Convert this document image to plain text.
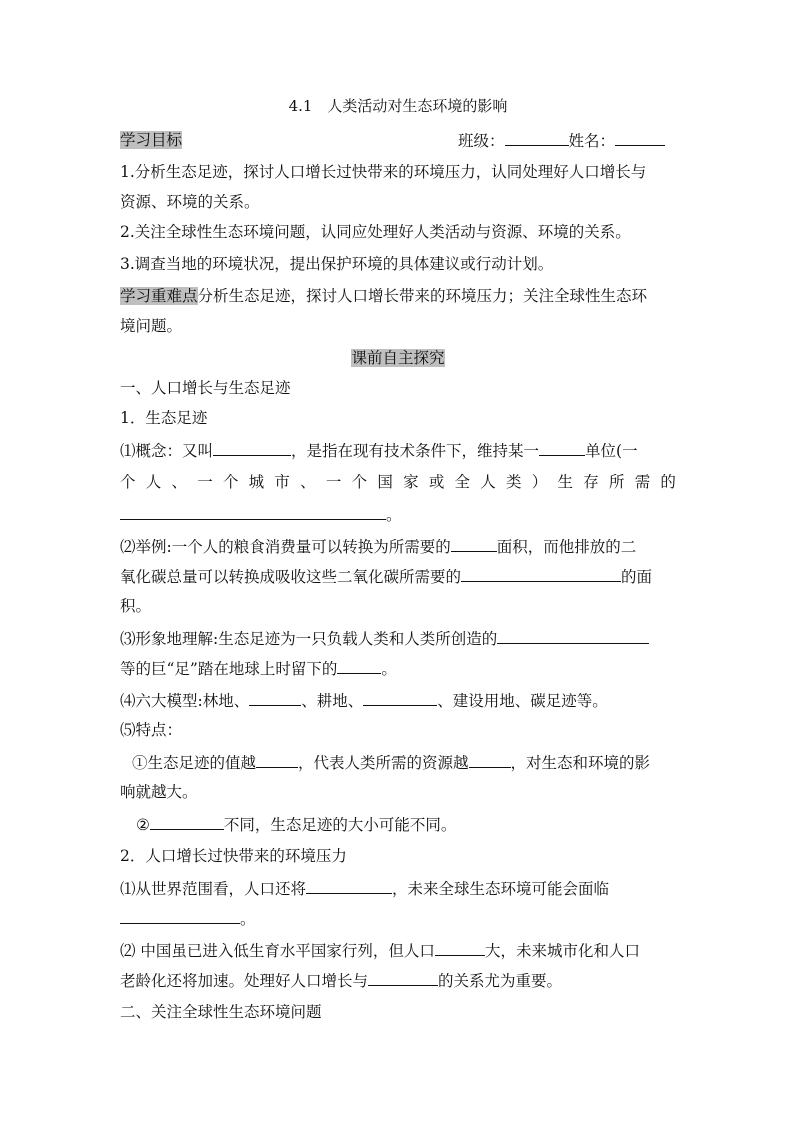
4.1　人类活动对生态环境的影响
学习目标	班级：	姓名：
1.分析生态足迹，探讨人口增长过快带来的环境压力，认同处理好人口增长与
资源、环境的关系。
2.关注全球性生态环境问题，认同应处理好人类活动与资源、环境的关系。
3.调查当地的环境状况，提出保护环境的具体建议或行动计划。
学习重难点分析生态足迹，探讨人口增长带来的环境压力；关注全球性生态环
境问题。
课前自主探究
一、人口增长与生态足迹
1．生态足迹
⑴概念：又叫	，是指在现有技术条件下，维持某一	单位(一
个 人 、 一 个 城 市 、 一 个 国 家 或 全 人 类 ） 生 存 所 需 的
。
⑵举例:一个人的粮食消费量可以转换为所需要的	面积，而他排放的二
氧化碳总量可以转换成吸收这些二氧化碳所需要的	的面
积。
⑶形象地理解:生态足迹为一只负载人类和人类所创造的
等的巨“足”踏在地球上时留下的	。
⑷六大模型:林地、	、耕地、	、建设用地、碳足迹等。
⑸特点：
①生态足迹的值越	，代表人类所需的资源越	，对生态和环境的影
响就越大。
②	不同，生态足迹的大小可能不同。
2．人口增长过快带来的环境压力
⑴从世界范围看，人口还将	，未来全球生态环境可能会面临
。
⑵ 中国虽已进入低生育水平国家行列，但人口	大，未来城市化和人口
老龄化还将加速。处理好人口增长与	的关系尤为重要。
二、关注全球性生态环境问题
